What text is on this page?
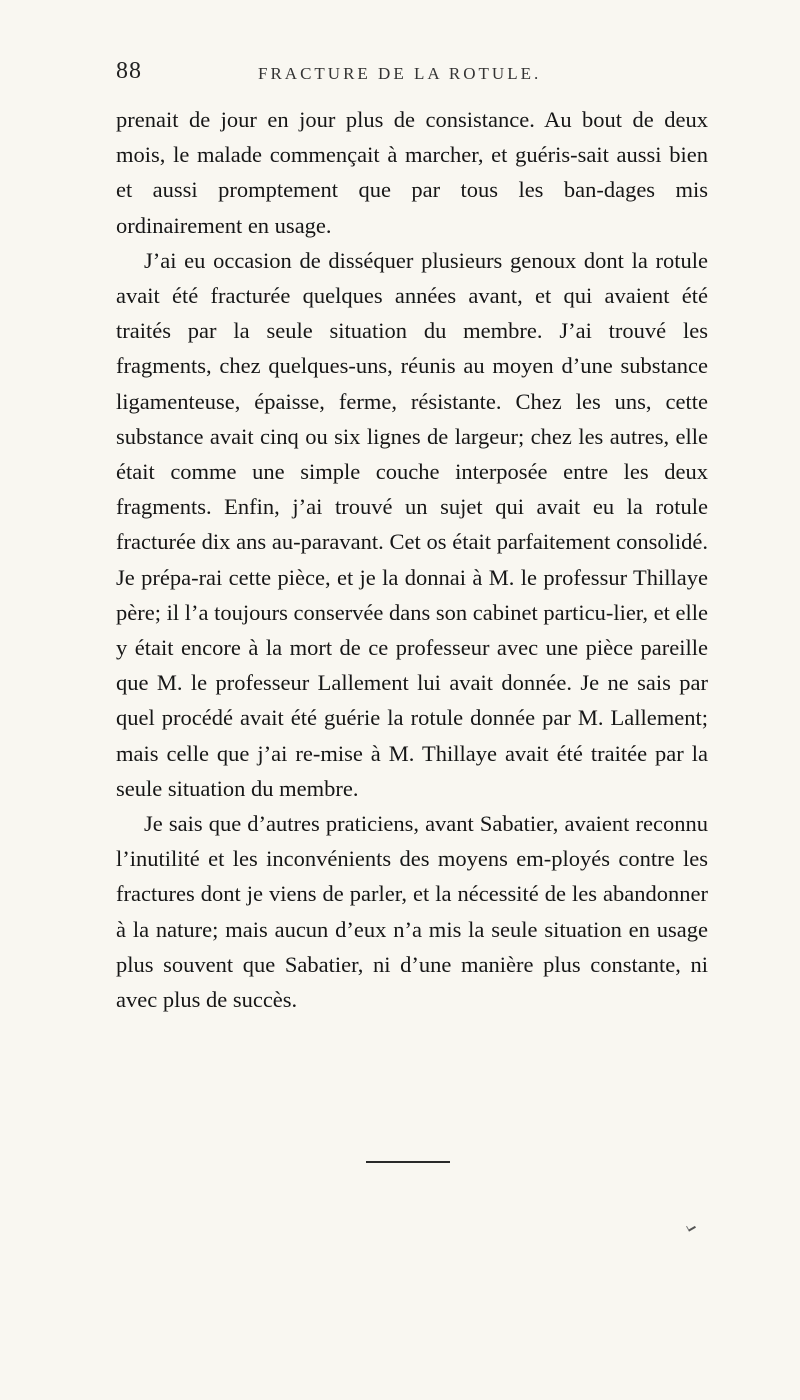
88	FRACTURE DE LA ROTULE.

prenait de jour en jour plus de consistance. Au bout de deux mois, le malade commençait à marcher, et guéris-sait aussi bien et aussi promptement que par tous les ban-dages mis ordinairement en usage.

J’ai eu occasion de disséquer plusieurs genoux dont la rotule avait été fracturée quelques années avant, et qui avaient été traités par la seule situation du membre. J’ai trouvé les fragments, chez quelques-uns, réunis au moyen d’une substance ligamenteuse, épaisse, ferme, résistante. Chez les uns, cette substance avait cinq ou six lignes de largeur; chez les autres, elle était comme une simple couche interposée entre les deux fragments. Enfin, j’ai trouvé un sujet qui avait eu la rotule fracturée dix ans au-paravant. Cet os était parfaitement consolidé. Je prépa-rai cette pièce, et je la donnai à M. le professur Thillaye père; il l’a toujours conservée dans son cabinet particu-lier, et elle y était encore à la mort de ce professeur avec une pièce pareille que M. le professeur Lallement lui avait donnée. Je ne sais par quel procédé avait été guérie la rotule donnée par M. Lallement; mais celle que j’ai re-mise à M. Thillaye avait été traitée par la seule situation du membre.

Je sais que d’autres praticiens, avant Sabatier, avaient reconnu l’inutilité et les inconvénients des moyens em-ployés contre les fractures dont je viens de parler, et la nécessité de les abandonner à la nature; mais aucun d’eux n’a mis la seule situation en usage plus souvent que Sabatier, ni d’une manière plus constante, ni avec plus de succès.
